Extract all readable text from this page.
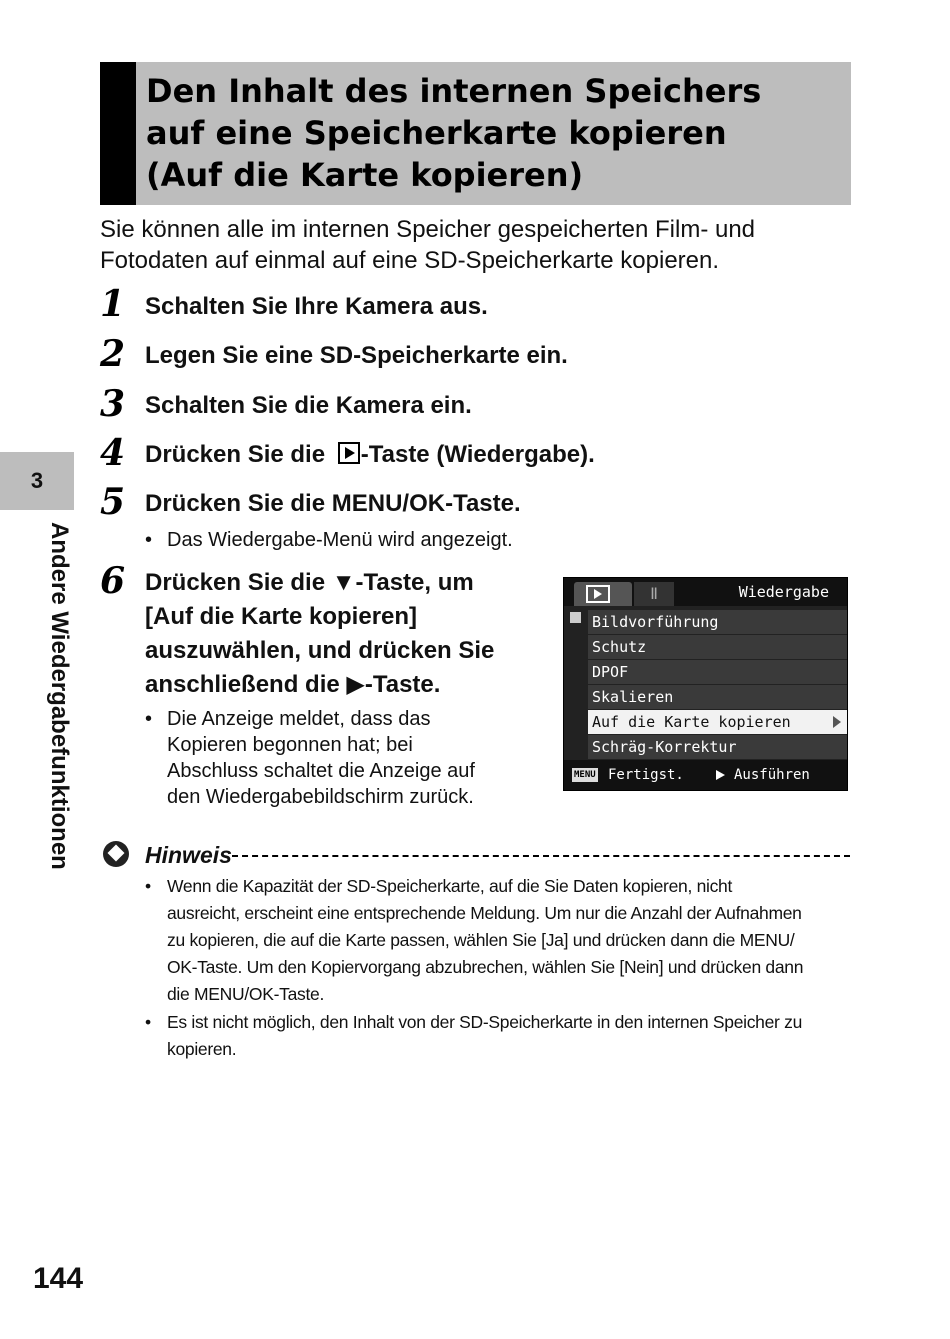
Den Inhalt des internen Speichers
auf eine Speicherkarte kopieren
(Auf die Karte kopieren)

Sie können alle im internen Speicher gespeicherten Film- und
Fotodaten auf einmal auf eine SD-Speicherkarte kopieren.

1 Schalten Sie Ihre Kamera aus.

2 Legen Sie eine SD-Speicherkarte ein.

3 Schalten Sie die Kamera ein.

4 Drücken Sie die -Taste (Wiedergabe).

5 Drücken Sie die MENU/OK-Taste.

• Das Wiedergabe-Menü wird angezeigt.

6 Drücken Sie die ▼-Taste, um
[Auf die Karte kopieren]
auszuwählen, und drücken Sie
anschließend die ▶-Taste.

• Die Anzeige meldet, dass das
Kopieren begonnen hat; bei
Abschluss schaltet die Anzeige auf
den Wiedergabebildschirm zurück.

Ⅱ	Wiedergabe
Bildvorführung
Schutz
DPOF
Skalieren
Auf die Karte kopieren
Schräg-Korrektur
MENU Fertigst.	Ausführen
3
Andere Wiedergabefunktionen	Hinweis

• Wenn die Kapazität der SD-Speicherkarte, auf die Sie Daten kopieren, nicht
ausreicht, erscheint eine entsprechende Meldung. Um nur die Anzahl der Aufnahmen
zu kopieren, die auf die Karte passen, wählen Sie [Ja] und drücken dann die MENU/
OK-Taste. Um den Kopiervorgang abzubrechen, wählen Sie [Nein] und drücken dann
die MENU/OK-Taste.

• Es ist nicht möglich, den Inhalt von der SD-Speicherkarte in den internen Speicher zu
kopieren.

144
